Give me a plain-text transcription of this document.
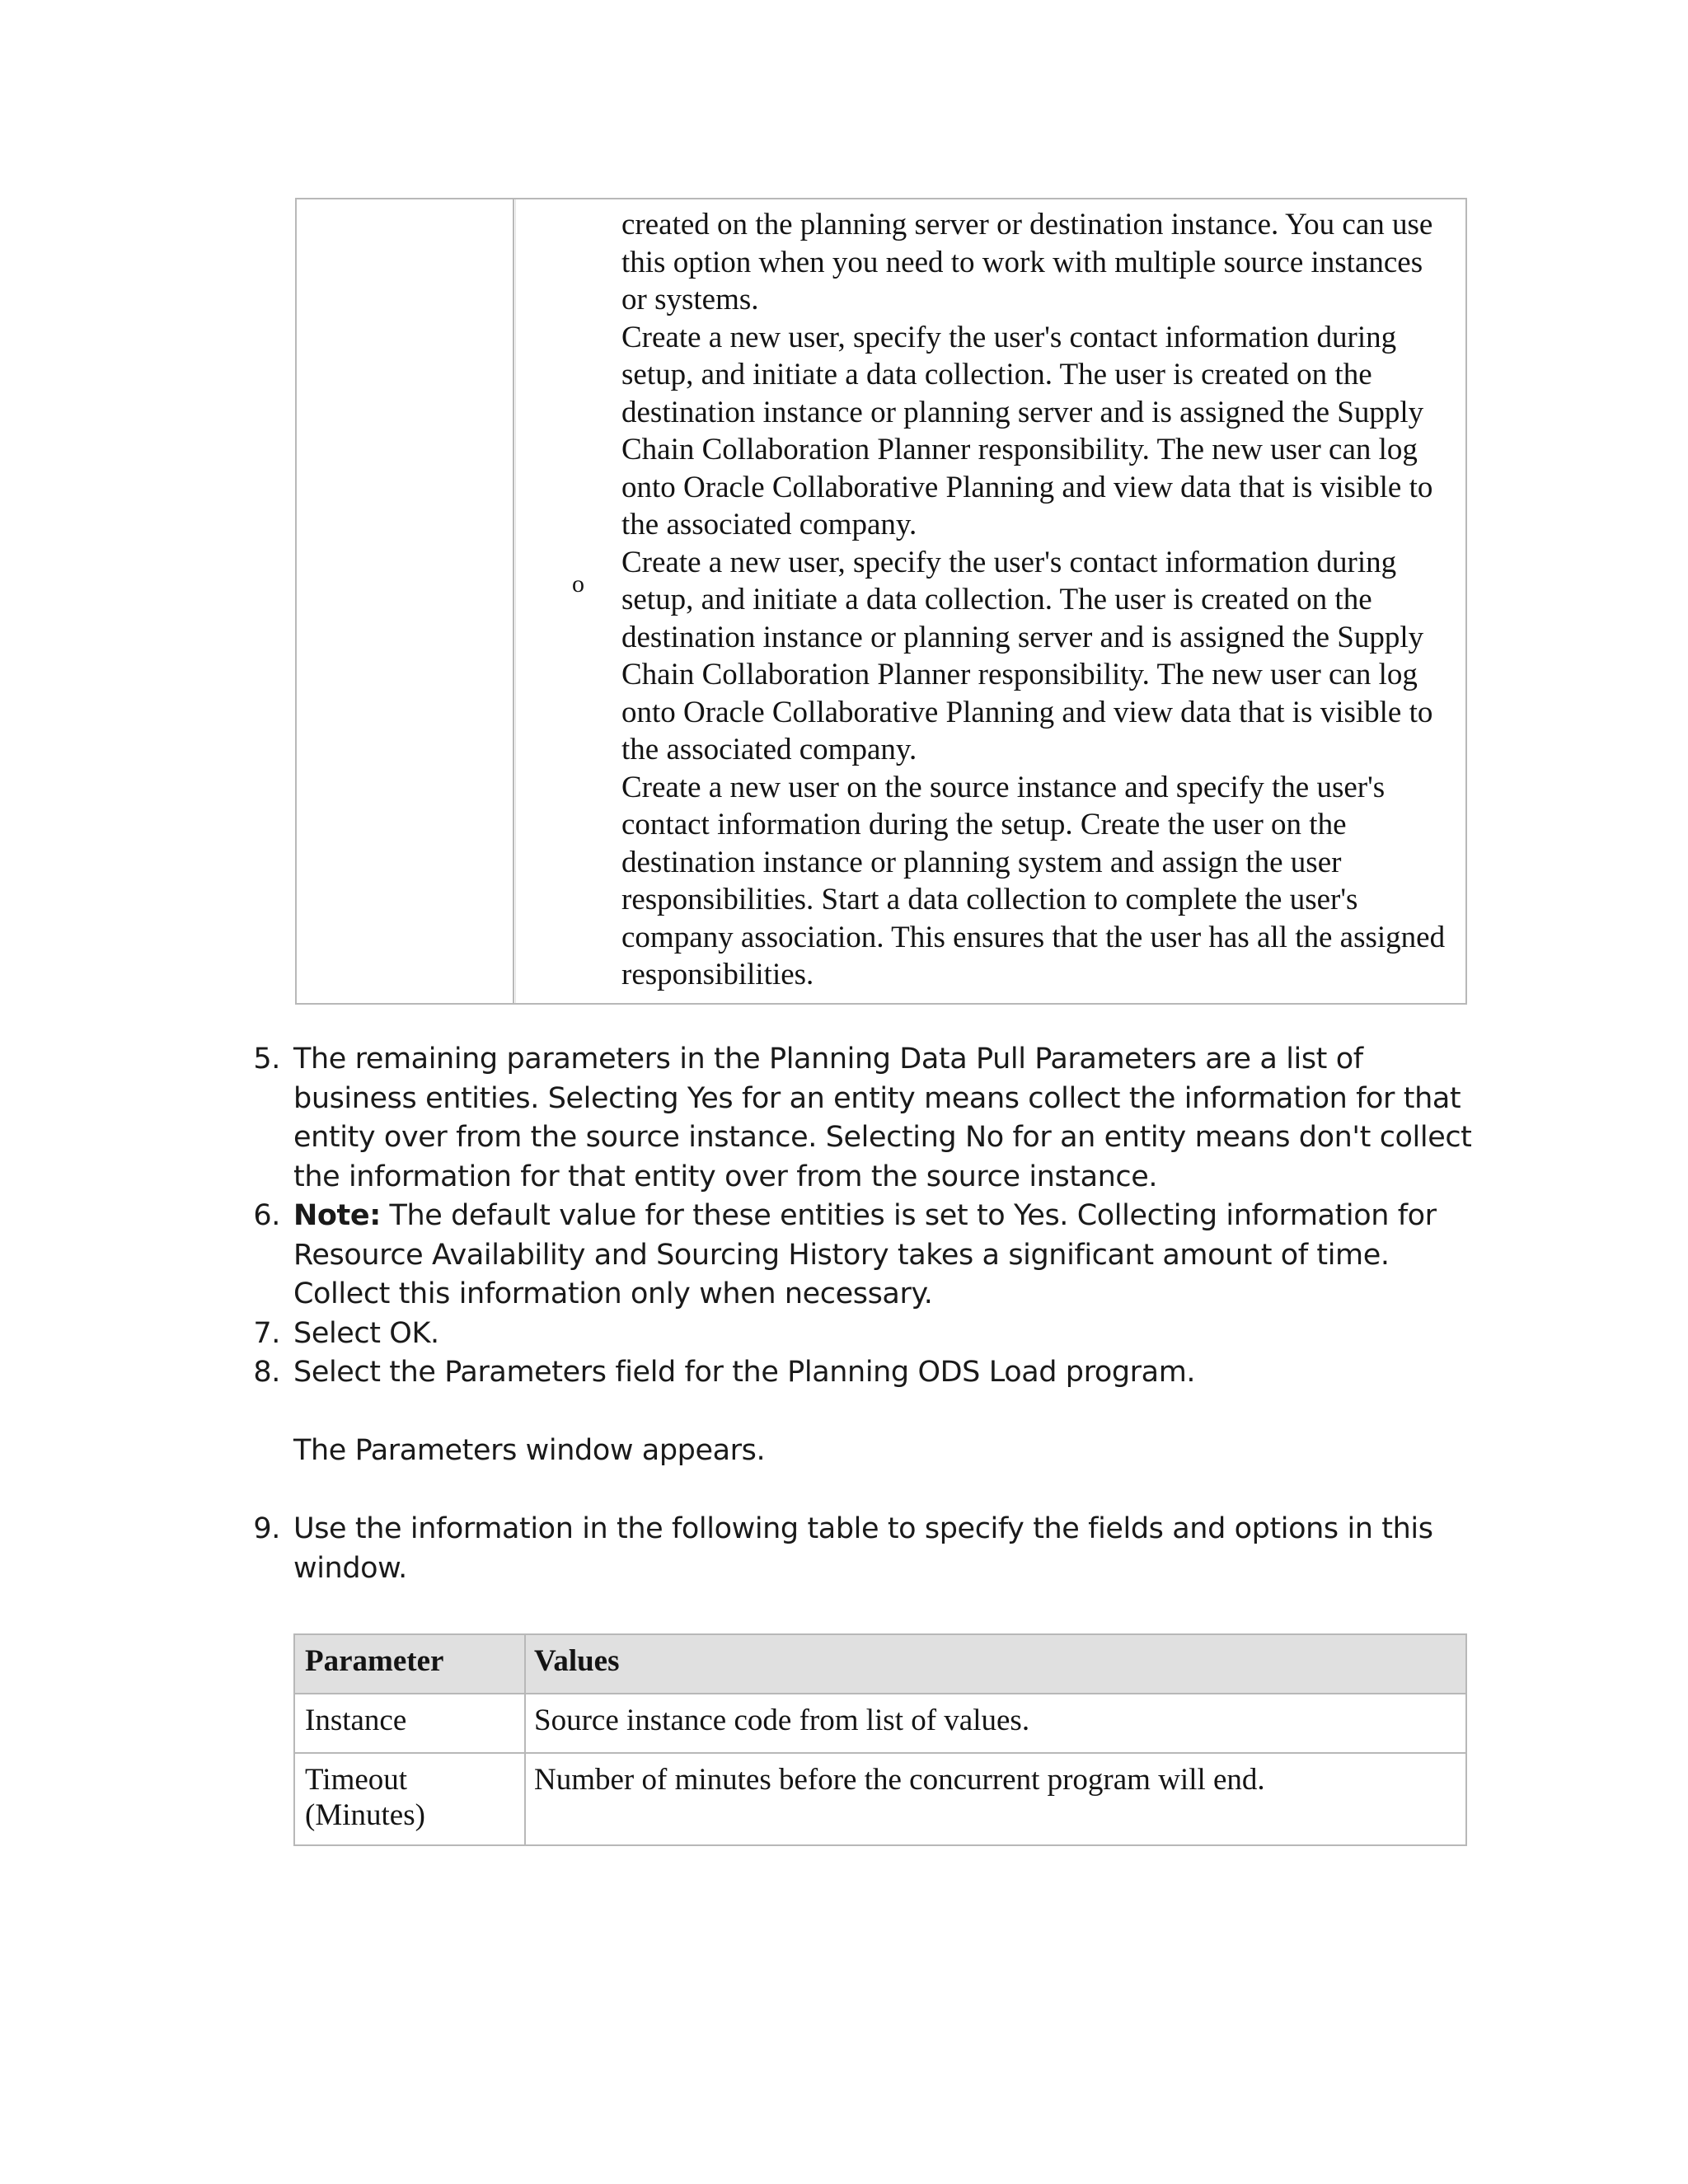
o

created on the planning server or destination instance. You can use this option when you need to work with multiple source instances or systems.

Create a new user, specify the user's contact information during setup, and initiate a data collection. The user is created on the destination instance or planning server and is assigned the Supply Chain Collaboration Planner responsibility. The new user can log onto Oracle Collaborative Planning and view data that is visible to the associated company.

Create a new user, specify the user's contact information during setup, and initiate a data collection. The user is created on the destination instance or planning server and is assigned the Supply Chain Collaboration Planner responsibility. The new user can log onto Oracle Collaborative Planning and view data that is visible to the associated company.

Create a new user on the source instance and specify the user's contact information during the setup. Create the user on the destination instance or planning system and assign the user responsibilities. Start a data collection to complete the user's company association. This ensures that the user has all the assigned responsibilities.

5. The remaining parameters in the Planning Data Pull Parameters are a list of business entities. Selecting Yes for an entity means collect the information for that entity over from the source instance. Selecting No for an entity means don't collect the information for that entity over from the source instance.

6. Note: The default value for these entities is set to Yes. Collecting information for Resource Availability and Sourcing History takes a significant amount of time. Collect this information only when necessary.

7. Select OK.

8. Select the Parameters field for the Planning ODS Load program.

The Parameters window appears.

9. Use the information in the following table to specify the fields and options in this window.

Parameter	Values
Instance	Source instance code from list of values.
Timeout (Minutes)
Number of minutes before the concurrent program will end.
